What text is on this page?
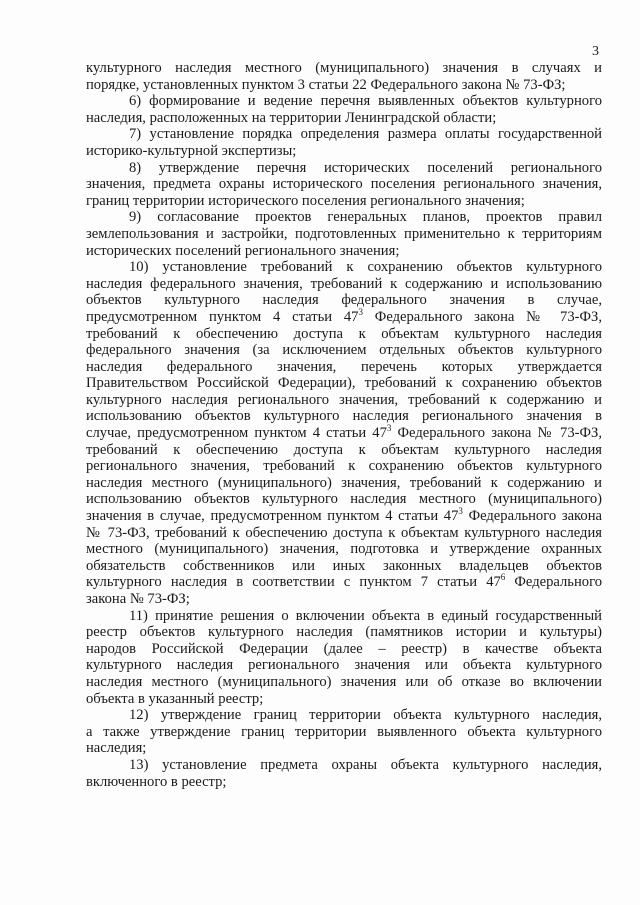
3
культурного наследия местного (муниципального) значения в случаях и
порядке, установленных пунктом 3 статьи 22 Федерального закона № 73-ФЗ;
6) формирование и ведение перечня выявленных объектов культурного
наследия, расположенных на территории Ленинградской области;
7) установление порядка определения размера оплаты государственной
историко-культурной экспертизы;
8) утверждение перечня исторических поселений регионального
значения, предмета охраны исторического поселения регионального значения,
границ территории исторического поселения регионального значения;
9) согласование проектов генеральных планов, проектов правил
землепользования и застройки, подготовленных применительно к территориям
исторических поселений регионального значения;
10) установление требований к сохранению объектов культурного
наследия федерального значения, требований к содержанию и использованию
объектов культурного наследия федерального значения в случае,
предусмотренном пунктом 4 статьи $47^3$ Федерального закона № 73-ФЗ,
требований к обеспечению доступа к объектам культурного наследия
федерального значения (за исключением отдельных объектов культурного
наследия федерального значения, перечень которых утверждается
Правительством Российской Федерации), требований к сохранению объектов
культурного наследия регионального значения, требований к содержанию и
использованию объектов культурного наследия регионального значения в
случае, предусмотренном пунктом 4 статьи $47^3$ Федерального закона № 73-ФЗ,
требований к обеспечению доступа к объектам культурного наследия
регионального значения, требований к сохранению объектов культурного
наследия местного (муниципального) значения, требований к содержанию и
использованию объектов культурного наследия местного (муниципального)
значения в случае, предусмотренном пунктом 4 статьи $47^3$ Федерального закона
№ 73-ФЗ, требований к обеспечению доступа к объектам культурного наследия
местного (муниципального) значения, подготовка и утверждение охранных
обязательств собственников или иных законных владельцев объектов
культурного наследия в соответствии с пунктом 7 статьи $47^6$ Федерального
закона № 73-ФЗ;
11) принятие решения о включении объекта в единый государственный
реестр объектов культурного наследия (памятников истории и культуры)
народов Российской Федерации (далее – реестр) в качестве объекта
культурного наследия регионального значения или объекта культурного
наследия местного (муниципального) значения или об отказе во включении
объекта в указанный реестр;
12) утверждение границ территории объекта культурного наследия,
а также утверждение границ территории выявленного объекта культурного
наследия;
13) установление предмета охраны объекта культурного наследия,
включенного в реестр;
